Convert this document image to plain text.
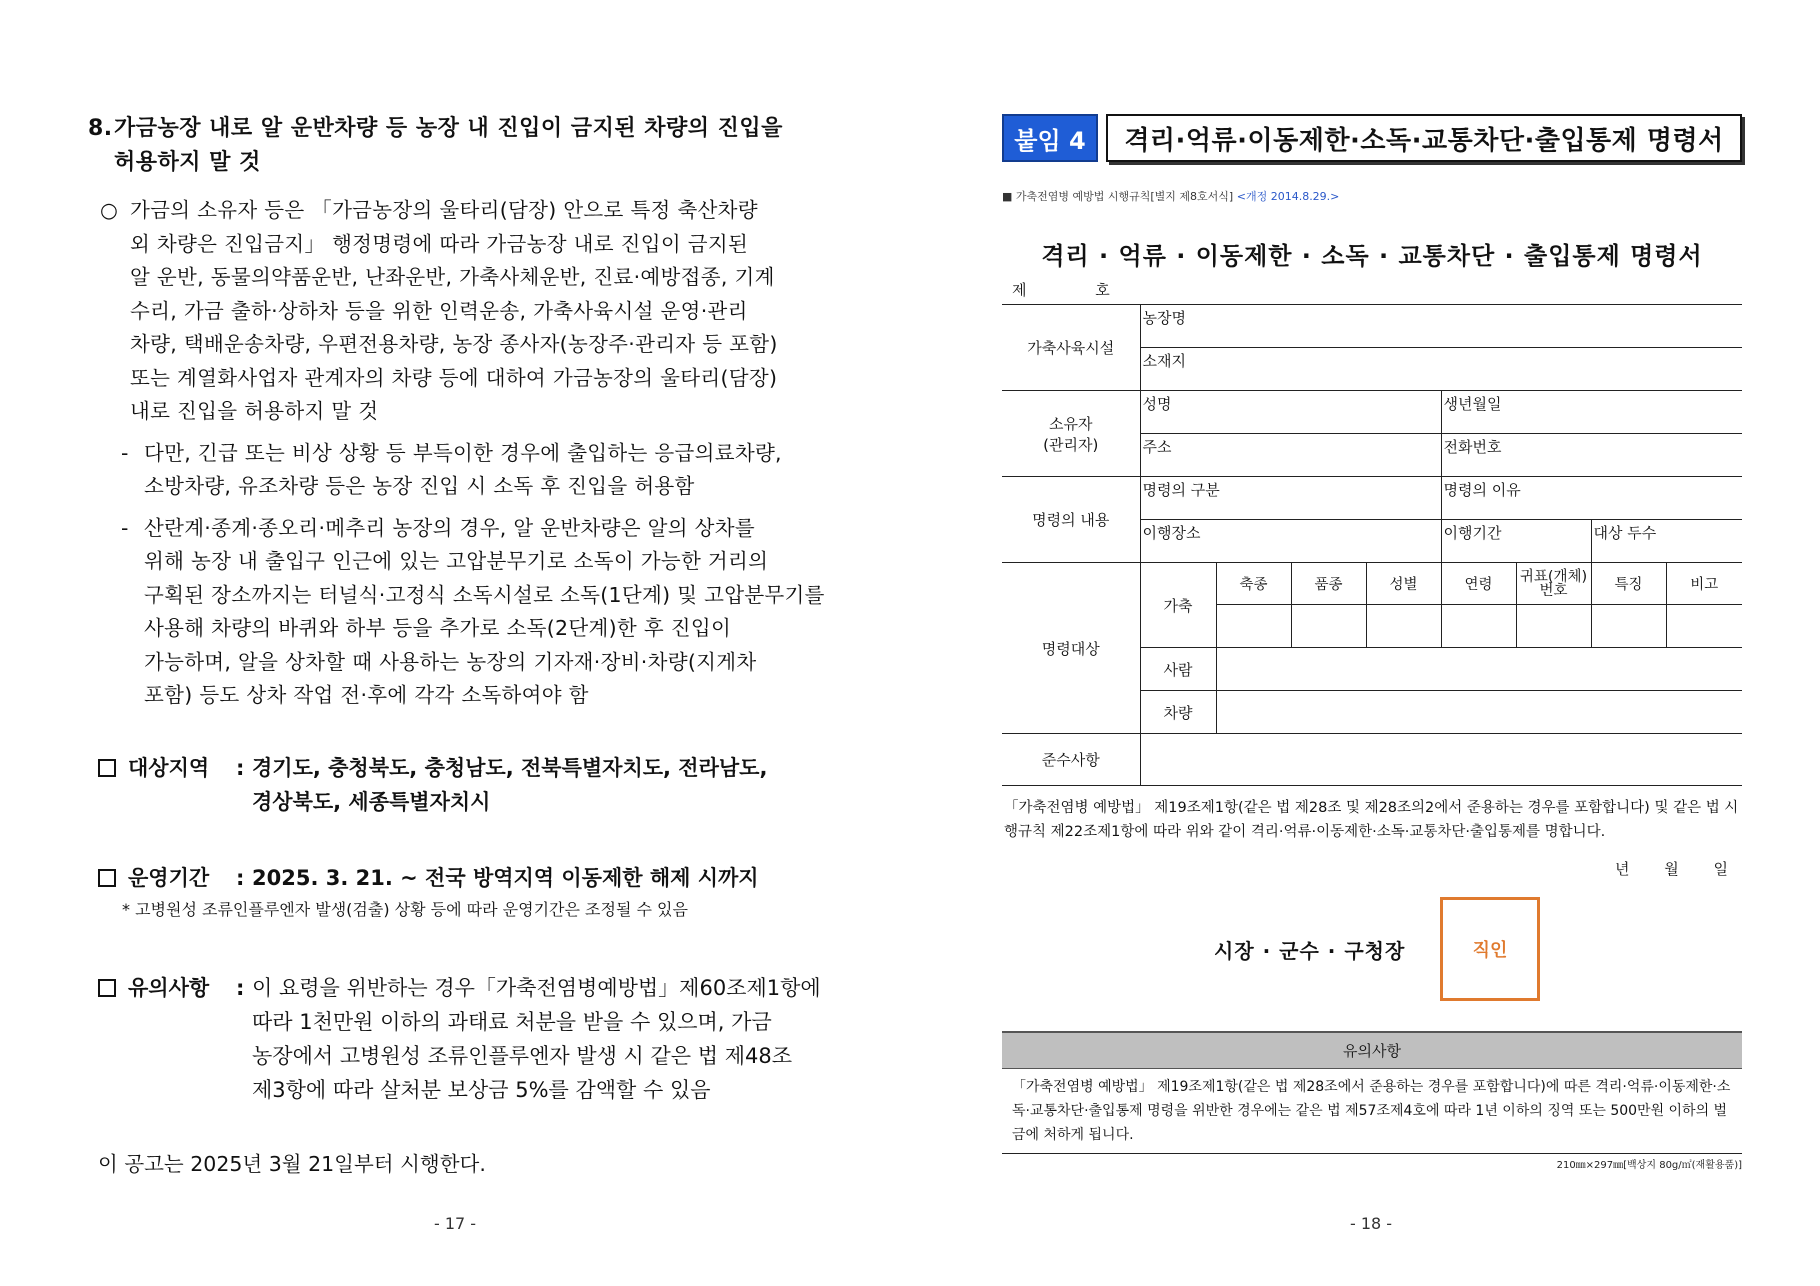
8.가금농장 내로 알 운반차량 등 농장 내 진입이 금지된 차량의 진입을
허용하지 말 것
○ 가금의 소유자 등은 「가금농장의 울타리(담장) 안으로 특정 축산차량
외 차량은 진입금지」 행정명령에 따라 가금농장 내로 진입이 금지된
알 운반, 동물의약품운반, 난좌운반, 가축사체운반, 진료·예방접종, 기계
수리, 가금 출하·상하차 등을 위한 인력운송, 가축사육시설 운영·관리
차량, 택배운송차량, 우편전용차량, 농장 종사자(농장주·관리자 등 포함)
또는 계열화사업자 관계자의 차량 등에 대하여 가금농장의 울타리(담장)
내로 진입을 허용하지 말 것
- 다만, 긴급 또는 비상 상황 등 부득이한 경우에 출입하는 응급의료차량,
소방차량, 유조차량 등은 농장 진입 시 소독 후 진입을 허용함
- 산란계·종계·종오리·메추리 농장의 경우, 알 운반차량은 알의 상차를
위해 농장 내 출입구 인근에 있는 고압분무기로 소독이 가능한 거리의
구획된 장소까지는 터널식·고정식 소독시설로 소독(1단계) 및 고압분무기를
사용해 차량의 바퀴와 하부 등을 추가로 소독(2단계)한 후 진입이
가능하며, 알을 상차할 때 사용하는 농장의 기자재·장비·차량(지게차
포함) 등도 상차 작업 전·후에 각각 소독하여야 함
대상지역 : 경기도, 충청북도, 충청남도, 전북특별자치도, 전라남도,
경상북도, 세종특별자치시
운영기간 : 2025. 3. 21. ~ 전국 방역지역 이동제한 해제 시까지
* 고병원성 조류인플루엔자 발생(검출) 상황 등에 따라 운영기간은 조정될 수 있음
유의사항 : 이 요령을 위반하는 경우「가축전염병예방법」제60조제1항에
따라 1천만원 이하의 과태료 처분을 받을 수 있으며, 가금
농장에서 고병원성 조류인플루엔자 발생 시 같은 법 제48조
제3항에 따라 살처분 보상금 5%를 감액할 수 있음
이 공고는 2025년 3월 21일부터 시행한다.
- 17 -
붙임 4	격리·억류·이동제한·소독·교통차단·출입통제 명령서
■ 가축전염병 예방법 시행규칙[별지 제8호서식] <개정 2014.8.29.>
격리 · 억류 · 이동제한 · 소독 · 교통차단 · 출입통제 명령서
제 호
가축사육시설	농장명							
	소재지							

소유자
(관리자)	성명				생년월일			
	주소				전화번호			
명령의 내용	명령의 구분				명령의 이유			
	이행장소				이행기간		대상 두수	
명령대상	가축	축종	품종	성별	연령	귀표(개체)번호	특징	비고

	사람							
	차량							
준수사항								
「가축전염병 예방법」 제19조제1항(같은 법 제28조 및 제28조의2에서 준용하는 경우를 포함합니다) 및 같은 법 시행규칙 제22조제1항에 따라 위와 같이 격리·억류·이동제한·소독·교통차단·출입통제를 명합니다.
년 월 일
시장 · 군수 · 구청장	직인
유의사항
「가축전염병 예방법」 제19조제1항(같은 법 제28조에서 준용하는 경우를 포함합니다)에 따른 격리·억류·이동제한·소독·교통차단·출입통제 명령을 위반한 경우에는 같은 법 제57조제4호에 따라 1년 이하의 징역 또는 500만원 이하의 벌금에 처하게 됩니다.
210㎜×297㎜[백상지 80g/㎡(재활용품)]
- 18 -
